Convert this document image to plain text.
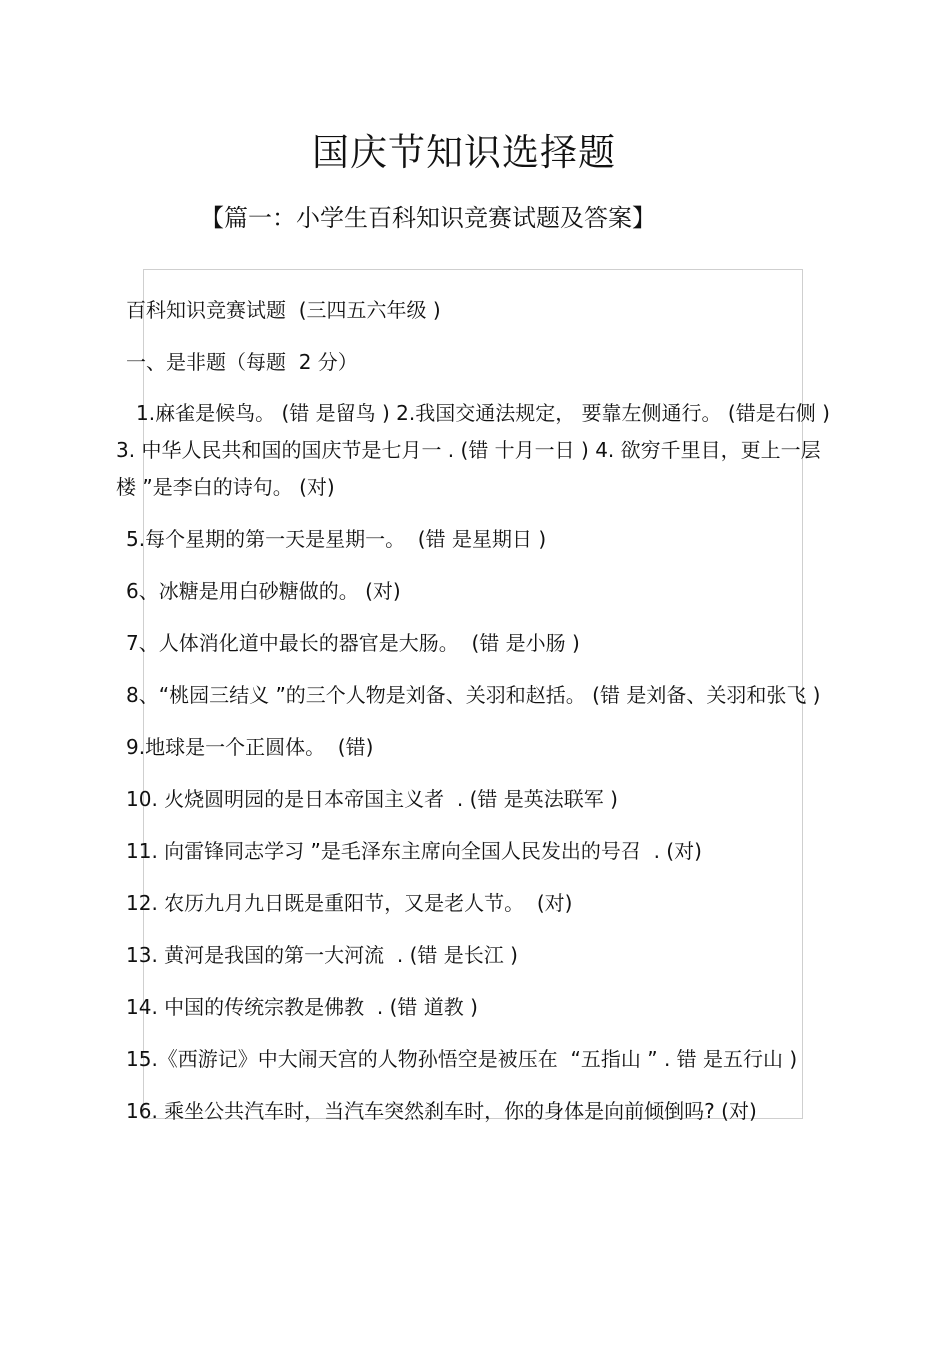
国庆节知识选择题
【篇一：小学生百科知识竞赛试题及答案】

百科知识竞赛试题  (三四五六年级 )

一、是非题（每题  2 分）

1.麻雀是候鸟。 (错 是留鸟 ) 2.我国交通法规定， 要靠左侧通行。 (错是右侧 ) 3. 中华人民共和国的国庆节是七月一 . (错 十月一日 ) 4. 欲穷千里目，更上一层楼 ”是李白的诗句。 (对)

5.每个星期的第一天是星期一。  (错 是星期日 )

6、冰糖是用白砂糖做的。 (对)

7、人体消化道中最长的器官是大肠。  (错 是小肠 )

8、“桃园三结义 ”的三个人物是刘备、关羽和赵括。 (错 是刘备、关羽和张飞 )

9.地球是一个正圆体。  (错)

10. 火烧圆明园的是日本帝国主义者  . (错 是英法联军 )

11. 向雷锋同志学习 ”是毛泽东主席向全国人民发出的号召  . (对)

12. 农历九月九日既是重阳节，又是老人节。  (对)

13. 黄河是我国的第一大河流  . (错 是长江 )

14. 中国的传统宗教是佛教  . (错 道教 )

15.《西游记》中大闹天宫的人物孙悟空是被压在  “五指山 ” . 错 是五行山 )

16. 乘坐公共汽车时，当汽车突然刹车时，你的身体是向前倾倒吗? (对)
